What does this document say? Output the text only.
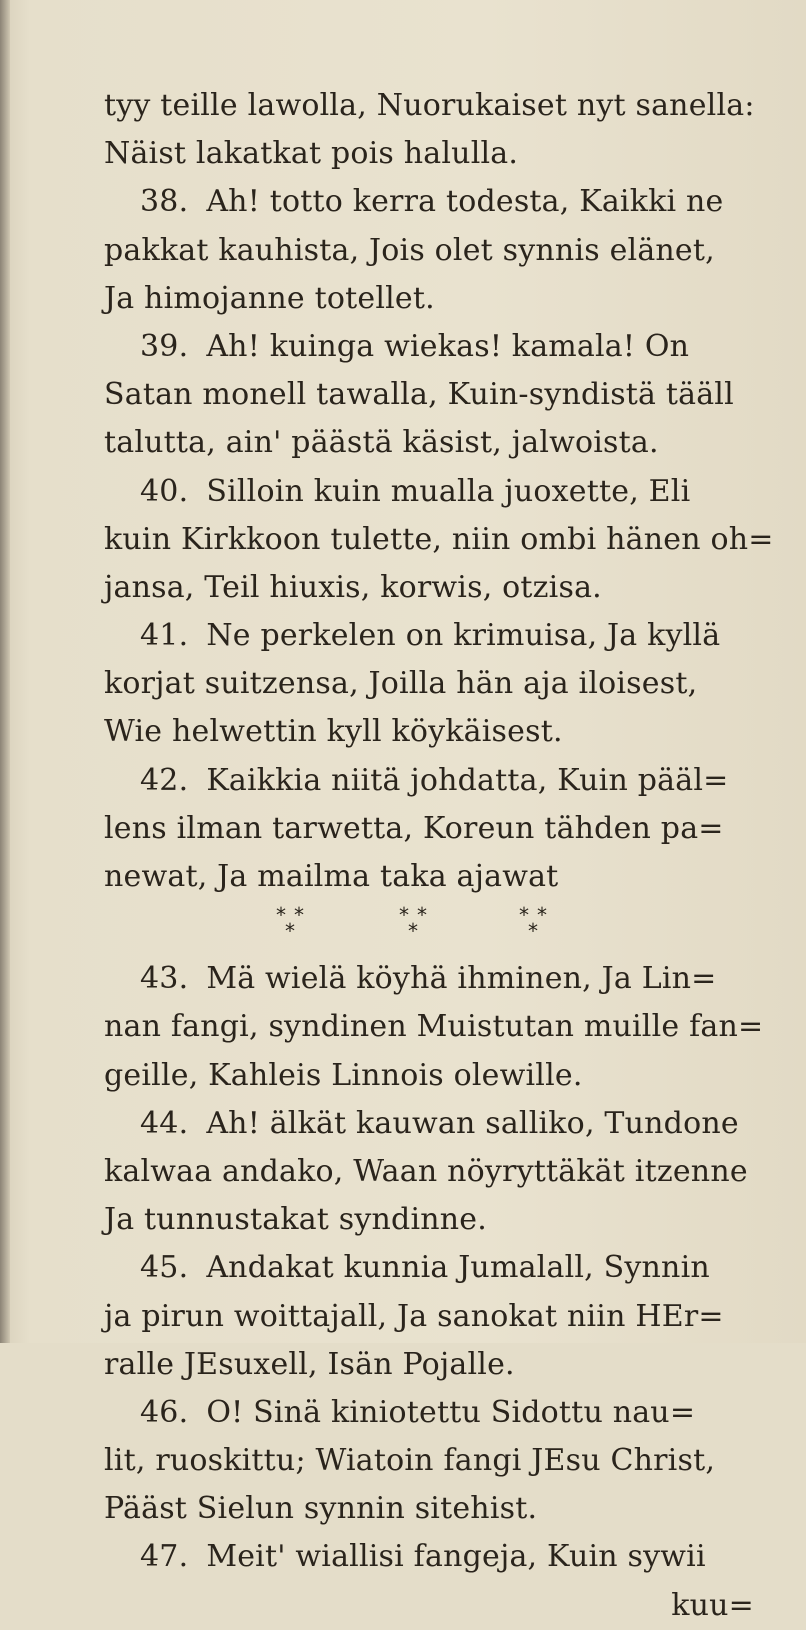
tyy teille lawolla, Nuorukaiset nyt sanella:
Näist lakatkat pois halulla.
38. Ah! totto kerra todesta, Kaikki ne
pakkat kauhista, Jois olet synnis elänet,
Ja himojanne totellet.
39. Ah! kuinga wiekas! kamala! On
Satan monell tawalla, Kuin-syndistä tääll
talutta, ain' päästä käsist, jalwoista.
40. Silloin kuin mualla juoxette, Eli
kuin Kirkkoon tulette, niin ombi hänen oh=
jansa, Teil hiuxis, korwis, otzisa.
41. Ne perkelen on krimuisa, Ja kyllä
korjat suitzensa, Joilla hän aja iloisest,
Wie helwettin kyll köykäisest.
42. Kaikkia niitä johdatta, Kuin pääl=
lens ilman tarwetta, Koreun tähden pa=
newat, Ja mailma taka ajawat
* *
*
* *
*
* *
*
43. Mä wielä köyhä ihminen, Ja Lin=
nan fangi, syndinen Muistutan muille fan=
geille, Kahleis Linnois olewille.
44. Ah! älkät kauwan salliko, Tundone
kalwaa andako, Waan nöyryttäkät itzenne
Ja tunnustakat syndinne.
45. Andakat kunnia Jumalall, Synnin
ja pirun woittajall, Ja sanokat niin HEr=
ralle JEsuxell, Isän Pojalle.
46. O! Sinä kiniotettu Sidottu nau=
lit, ruoskittu; Wiatoin fangi JEsu Christ,
Pääst Sielun synnin sitehist.
47. Meit' wiallisi fangeja, Kuin sywii
kuu=
